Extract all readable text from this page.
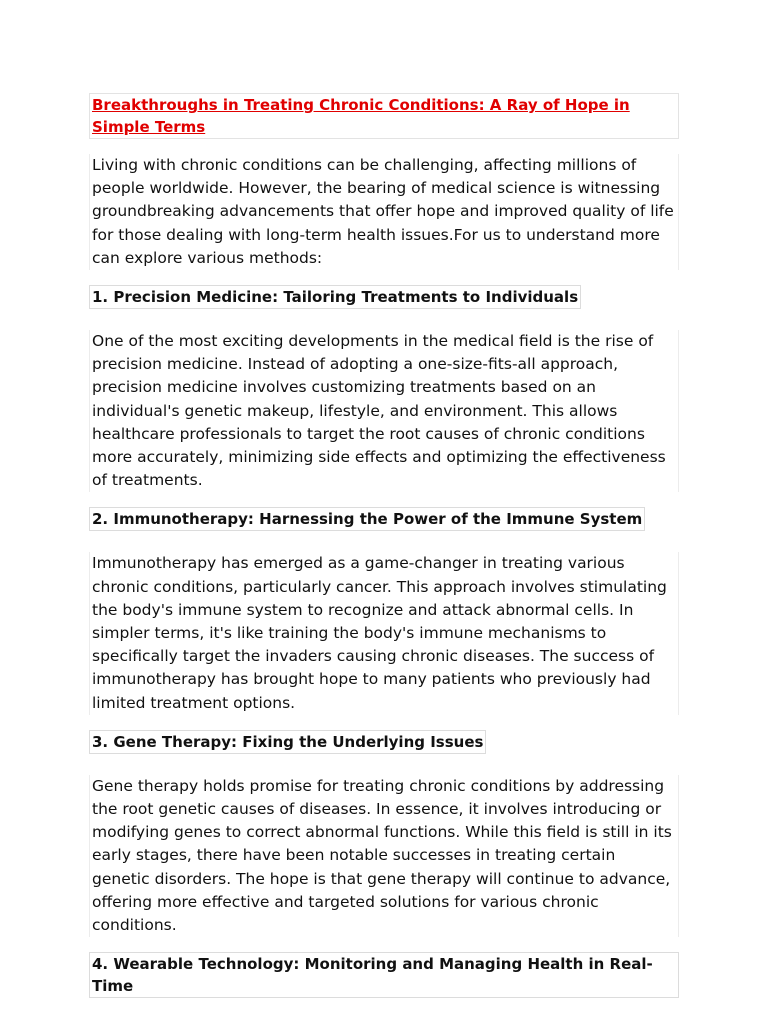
Breakthroughs in Treating Chronic Conditions: A Ray of Hope in Simple Terms

Living with chronic conditions can be challenging, affecting millions of people worldwide. However, the bearing of medical science is witnessing groundbreaking advancements that offer hope and improved quality of life for those dealing with long-term health issues.For us to understand more can explore various methods:

1. Precision Medicine: Tailoring Treatments to Individuals

One of the most exciting developments in the medical field is the rise of precision medicine. Instead of adopting a one-size-fits-all approach, precision medicine involves customizing treatments based on an individual's genetic makeup, lifestyle, and environment. This allows healthcare professionals to target the root causes of chronic conditions more accurately, minimizing side effects and optimizing the effectiveness of treatments.

2. Immunotherapy: Harnessing the Power of the Immune System

Immunotherapy has emerged as a game-changer in treating various chronic conditions, particularly cancer. This approach involves stimulating the body's immune system to recognize and attack abnormal cells. In simpler terms, it's like training the body's immune mechanisms to specifically target the invaders causing chronic diseases. The success of immunotherapy has brought hope to many patients who previously had limited treatment options.

3. Gene Therapy: Fixing the Underlying Issues

Gene therapy holds promise for treating chronic conditions by addressing the root genetic causes of diseases. In essence, it involves introducing or modifying genes to correct abnormal functions. While this field is still in its early stages, there have been notable successes in treating certain genetic disorders. The hope is that gene therapy will continue to advance, offering more effective and targeted solutions for various chronic conditions.

4. Wearable Technology: Monitoring and Managing Health in Real-Time
